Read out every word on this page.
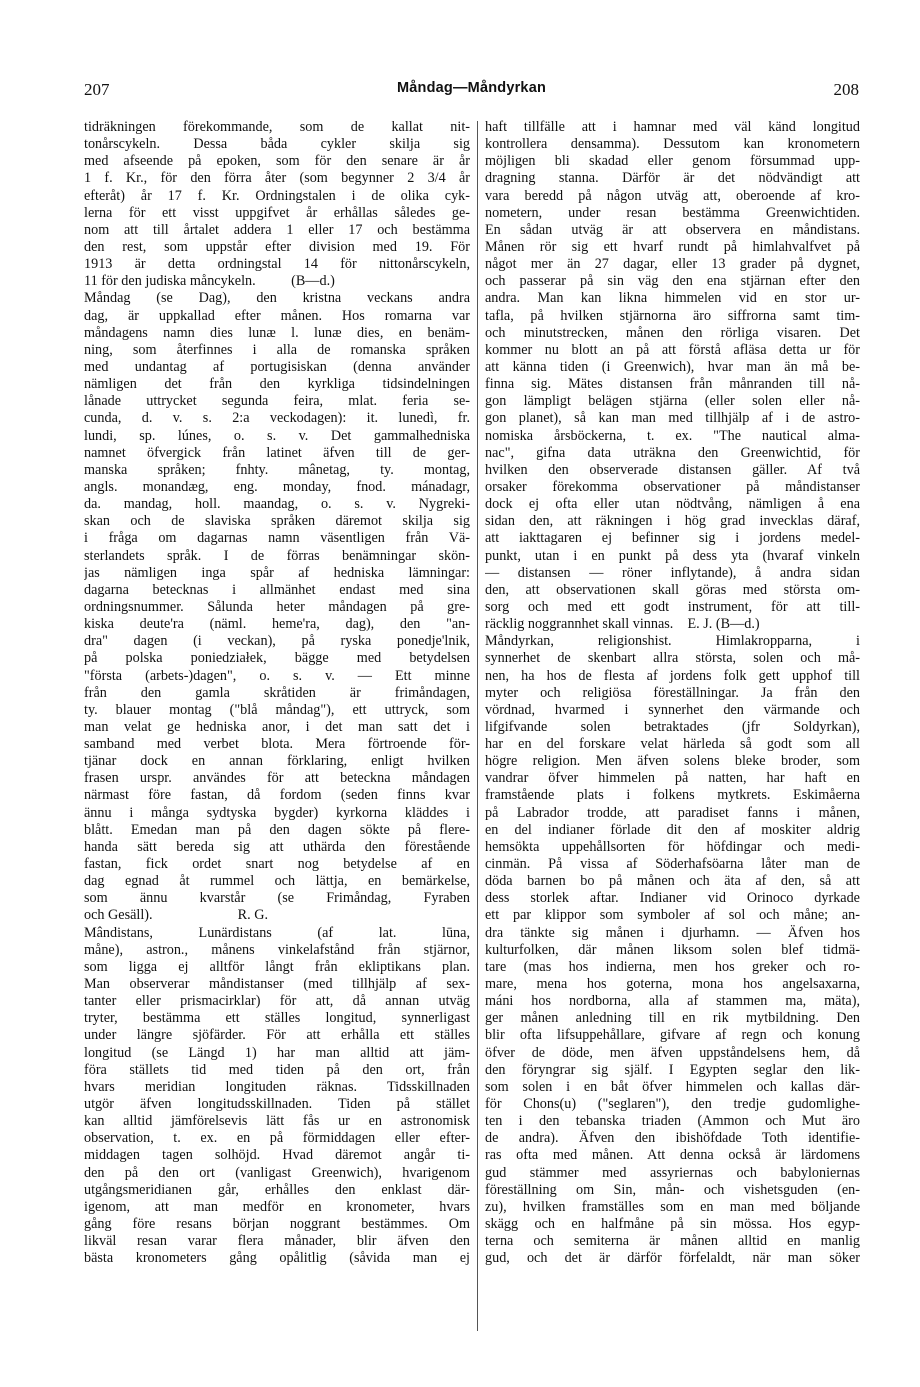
207	Måndag—Måndyrkan	208
tidräkningen förekommande, som de kallat nit-
tonårscykeln. Dessa båda cykler skilja sig
med afseende på epoken, som för den senare är år
1 f. Kr., för den förra åter (som begynner 2 3/4 år
efteråt) år 17 f. Kr. Ordningstalen i de olika cyk-
lerna för ett visst uppgifvet år erhållas således ge-
nom att till årtalet addera 1 eller 17 och bestämma
den rest, som uppstår efter division med 19. För
1913 är detta ordningstal 14 för nittonårscykeln,
11 för den judiska måncykeln.          (B—d.)
Måndag (se Dag), den kristna veckans andra
dag, är uppkallad efter månen. Hos romarna var
måndagens namn dies lunæ l. lunæ dies, en benäm-
ning, som återfinnes i alla de romanska språken
med undantag af portugisiskan (denna använder
nämligen det från den kyrkliga tidsindelningen
lånade uttrycket segunda feira, mlat. feria se-
cunda, d. v. s. 2:a veckodagen): it. lunedì, fr.
lundi, sp. lúnes, o. s. v. Det gammalhedniska
namnet öfvergick från latinet äfven till de ger-
manska språken; fnhty. mânetag, ty. montag,
angls. monandæg, eng. monday, fnod. mánadagr,
da. mandag, holl. maandag, o. s. v. Nygreki-
skan och de slaviska språken däremot skilja sig
i fråga om dagarnas namn väsentligen från Vä-
sterlandets språk. I de förras benämningar skön-
jas nämligen inga spår af hedniska lämningar:
dagarna betecknas i allmänhet endast med sina
ordningsnummer. Sålunda heter måndagen på gre-
kiska deute'ra (näml. heme'ra, dag), den "an-
dra" dagen (i veckan), på ryska ponedje'lnik,
på polska poniedziałek, bägge med betydelsen
"första (arbets-)dagen", o. s. v. — Ett minne
från den gamla skråtiden är frimåndagen,
ty. blauer montag ("blå måndag"), ett uttryck, som
man velat ge hedniska anor, i det man satt det i
samband med verbet blota. Mera förtroende för-
tjänar dock en annan förklaring, enligt hvilken
frasen urspr. användes för att beteckna måndagen
närmast före fastan, då fordom (seden finns kvar
ännu i många sydtyska bygder) kyrkorna kläddes i
blått. Emedan man på den dagen sökte på flere-
handa sätt bereda sig att uthärda den förestående
fastan, fick ordet snart nog betydelse af en
dag egnad åt rummel och lättja, en bemärkelse,
som ännu kvarstår (se Frimåndag, Fyraben
och Gesäll).                        R. G.
Mândistans, Lunärdistans (af lat. lūna,
måne), astron., månens vinkelafstånd från stjärnor,
som ligga ej alltför långt från ekliptikans plan.
Man observerar måndistanser (med tillhjälp af sex-
tanter eller prismacirklar) för att, då annan utväg
tryter, bestämma ett ställes longitud, synnerligast
under längre sjöfärder. För att erhålla ett ställes
longitud (se Längd 1) har man alltid att jäm-
föra ställets tid med tiden på den ort, från
hvars meridian longituden räknas. Tidsskillnaden
utgör äfven longitudsskillnaden. Tiden på stället
kan alltid jämförelsevis lätt fås ur en astronomisk
observation, t. ex. en på förmiddagen eller efter-
middagen tagen solhöjd. Hvad däremot angår ti-
den på den ort (vanligast Greenwich), hvarigenom
utgångsmeridianen går, erhålles den enklast där-
igenom, att man medför en kronometer, hvars
gång före resans början noggrant bestämmes. Om
likväl resan varar flera månader, blir äfven den
bästa kronometers gång opålitlig (såvida man ej
haft tillfälle att i hamnar med väl känd longitud
kontrollera densamma). Dessutom kan kronometern
möjligen bli skadad eller genom försummad upp-
dragning stanna. Därför är det nödvändigt att
vara beredd på någon utväg att, oberoende af kro-
nometern, under resan bestämma Greenwichtiden.
En sådan utväg är att observera en måndistans.
Månen rör sig ett hvarf rundt på himlahvalfvet på
något mer än 27 dagar, eller 13 grader på dygnet,
och passerar på sin väg den ena stjärnan efter den
andra. Man kan likna himmelen vid en stor ur-
tafla, på hvilken stjärnorna äro siffrorna samt tim-
och minutstrecken, månen den rörliga visaren. Det
kommer nu blott an på att förstå afläsa detta ur för
att känna tiden (i Greenwich), hvar man än må be-
finna sig. Mätes distansen från månranden till nå-
gon lämpligt belägen stjärna (eller solen eller nå-
gon planet), så kan man med tillhjälp af i de astro-
nomiska årsböckerna, t. ex. "The nautical alma-
nac", gifna data uträkna den Greenwichtid, för
hvilken den observerade distansen gäller. Af två
orsaker förekomma observationer på måndistanser
dock ej ofta eller utan nödtvång, nämligen å ena
sidan den, att räkningen i hög grad invecklas däraf,
att iakttagaren ej befinner sig i jordens medel-
punkt, utan i en punkt på dess yta (hvaraf vinkeln
— distansen — röner inflytande), å andra sidan
den, att observationen skall göras med största om-
sorg och med ett godt instrument, för att till-
räcklig noggrannhet skall vinnas.    E. J. (B—d.)
Måndyrkan, religionshist. Himlakropparna, i
synnerhet de skenbart allra största, solen och må-
nen, ha hos de flesta af jordens folk gett upphof till
myter och religiösa föreställningar. Ja från den
vördnad, hvarmed i synnerhet den värmande och
lifgifvande solen betraktades (jfr Soldyrkan),
har en del forskare velat härleda så godt som all
högre religion. Men äfven solens bleke broder, som
vandrar öfver himmelen på natten, har haft en
framstående plats i folkens mytkrets. Eskimåerna
på Labrador trodde, att paradiset fanns i månen,
en del indianer förlade dit den af moskiter aldrig
hemsökta uppehållsorten för höfdingar och medi-
cinmän. På vissa af Söderhafsöarna låter man de
döda barnen bo på månen och äta af den, så att
dess storlek aftar. Indianer vid Orinoco dyrkade
ett par klippor som symboler af sol och måne; an-
dra tänkte sig månen i djurhamn. — Äfven hos
kulturfolken, där månen liksom solen blef tidmä-
tare (mas hos indierna, men hos greker och ro-
mare, mena hos goterna, mona hos angelsaxarna,
máni hos nordborna, alla af stammen ma, mäta),
ger månen anledning till en rik mytbildning. Den
blir ofta lifsuppehållare, gifvare af regn och konung
öfver de döde, men äfven uppståndelsens hem, då
den föryngrar sig själf. I Egypten seglar den lik-
som solen i en båt öfver himmelen och kallas där-
för Chons(u) ("seglaren"), den tredje gudomlighe-
ten i den tebanska triaden (Ammon och Mut äro
de andra). Äfven den ibishöfdade Toth identifie-
ras ofta med månen. Att dennа också är lärdomens
gud stämmer med assyriernas och babyloniernas
föreställning om Sin, mån- och vishetsguden (en-
zu), hvilken framställes som en man med böljande
skägg och en halfmåne på sin mössa. Hos egyp-
terna och semiterna är månen alltid en manlig
gud, och det är därför förfelaldt, när man söker
